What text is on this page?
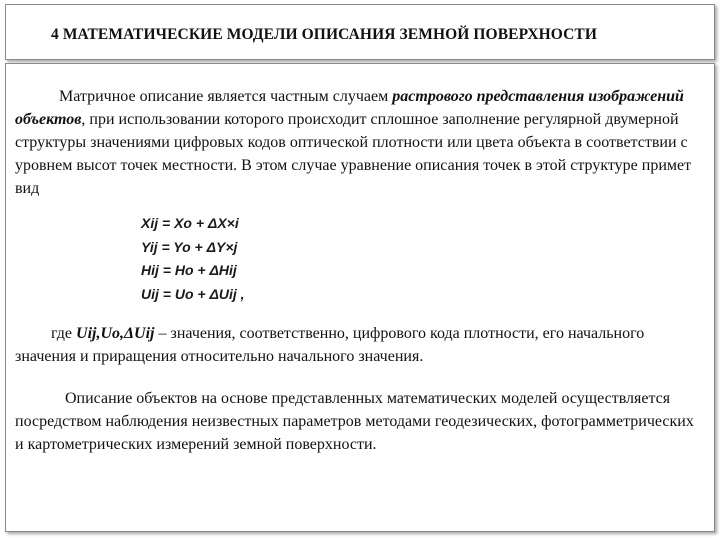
4 МАТЕМАТИЧЕСКИЕ МОДЕЛИ ОПИСАНИЯ ЗЕМНОЙ ПОВЕРХНОСТИ
Матричное описание является частным случаем растрового представления изображений объектов, при использовании которого происходит сплошное заполнение регулярной двумерной структуры значениями цифровых кодов оптической плотности или цвета объекта в соответствии с уровнем высот точек местности. В этом случае уравнение описания точек в этой структуре примет вид
Xij = Xo + ΔX×i
Yij = Yo + ΔY×j
Hij = Ho + ΔHij
Uij = Uo + ΔUij ,
где Uij,Uo,ΔUij – значения, соответственно, цифрового кода плотности, его начального значения и приращения относительно начального значения.
Описание объектов на основе представленных математических моделей осуществляется посредством наблюдения неизвестных параметров методами геодезических, фотограмметрических и картометрических измерений земной поверхности.
